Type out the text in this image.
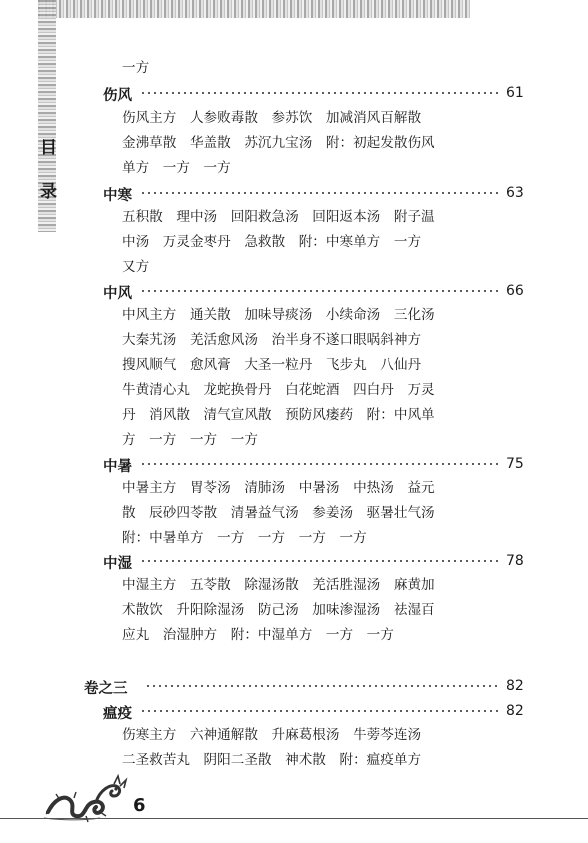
目
录
一方
伤风	61
伤风主方　人参败毒散　参苏饮　加减消风百解散
金沸草散　华盖散　苏沉九宝汤　附：初起发散伤风
单方　一方　一方
中寒	63
五积散　理中汤　回阳救急汤　回阳返本汤　附子温
中汤　万灵金枣丹　急救散　附：中寒单方　一方
又方
中风	66
中风主方　通关散　加味导痰汤　小续命汤　三化汤
大秦艽汤　羌活愈风汤　治半身不遂口眼㖞斜神方
搜风顺气　愈风膏　大圣一粒丹　飞步丸　八仙丹
牛黄清心丸　龙蛇换骨丹　白花蛇酒　四白丹　万灵
丹　消风散　清气宣风散　预防风瘘药　附：中风单
方　一方　一方　一方
中暑	75
中暑主方　胃苓汤　清肺汤　中暑汤　中热汤　益元
散　辰砂四苓散　清暑益气汤　参姜汤　驱暑壮气汤
附：中暑单方　一方　一方　一方　一方
中湿	78
中湿主方　五苓散　除湿汤散　羌活胜湿汤　麻黄加
术散饮　升阳除湿汤　防己汤　加味渗湿汤　祛湿百
应丸　治湿肿方　附：中湿单方　一方　一方
卷之三	82
瘟疫	82
伤寒主方　六神通解散　升麻葛根汤　牛蒡芩连汤
二圣救苦丸　阴阳二圣散　神术散　附：瘟疫单方
6
